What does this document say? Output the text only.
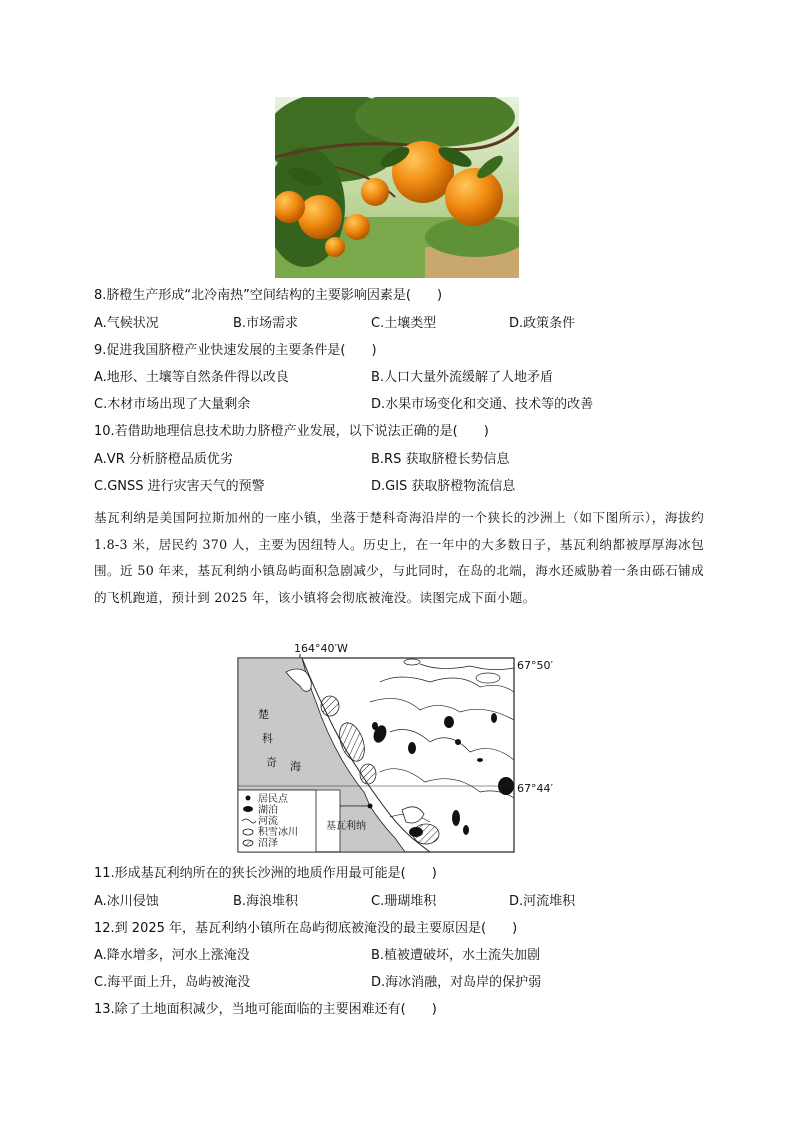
8.脐橙生产形成“北冷南热”空间结构的主要影响因素是(　　)
A.气候状况	B.市场需求	C.土壤类型	D.政策条件
9.促进我国脐橙产业快速发展的主要条件是(　　)
A.地形、土壤等自然条件得以改良	B.人口大量外流缓解了人地矛盾
C.木材市场出现了大量剩余	D.水果市场变化和交通、技术等的改善
10.若借助地理信息技术助力脐橙产业发展，以下说法正确的是(　　)
A.VR 分析脐橙品质优劣	B.RS 获取脐橙长势信息
C.GNSS 进行灾害天气的预警	D.GIS 获取脐橙物流信息

基瓦利纳是美国阿拉斯加州的一座小镇，坐落于楚科奇海沿岸的一个狭长的沙洲上（如下图所示），海拔约 1.8-3 米，居民约 370 人，主要为因纽特人。历史上，在一年中的大多数日子，基瓦利纳都被厚厚海冰包围。近 50 年来，基瓦利纳小镇岛屿面积急剧减少，与此同时，在岛的北端，海水还威胁着一条由砾石铺成的飞机跑道，预计到 2025 年，该小镇将会彻底被淹没。读图完成下面小题。

居民点
湖泊
河流
积雪冰川
沼泽
楚
科
奇 海
基瓦利纳
164°40′W
67°50′
67°44′
11.形成基瓦利纳所在的狭长沙洲的地质作用最可能是(　　)
A.冰川侵蚀	B.海浪堆积	C.珊瑚堆积	D.河流堆积
12.到 2025 年，基瓦利纳小镇所在岛屿彻底被淹没的最主要原因是(　　)
A.降水增多，河水上涨淹没	B.植被遭破坏，水土流失加剧
C.海平面上升，岛屿被淹没	D.海冰消融，对岛岸的保护弱
13.除了土地面积减少，当地可能面临的主要困难还有(　　)
